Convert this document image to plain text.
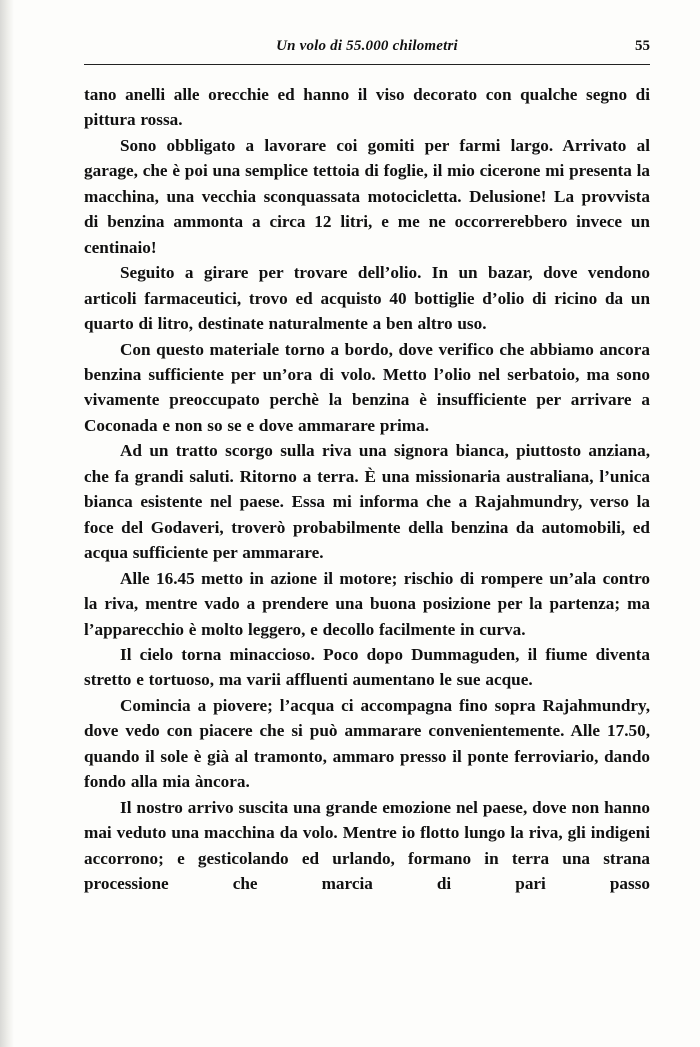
Un volo di 55.000 chilometri	55

tano anelli alle orecchie ed hanno il viso decorato con qualche segno di pittura rossa.

Sono obbligato a lavorare coi gomiti per farmi largo. Arrivato al garage, che è poi una semplice tettoia di foglie, il mio cicerone mi presenta la macchina, una vecchia sconquassata motocicletta. Delusione! La provvista di benzina ammonta a circa 12 litri, e me ne occorrerebbero invece un centinaio!

Seguito a girare per trovare dell’olio. In un bazar, dove vendono articoli farmaceutici, trovo ed acquisto 40 bottiglie d’olio di ricino da un quarto di litro, destinate naturalmente a ben altro uso.

Con questo materiale torno a bordo, dove verifico che abbiamo ancora benzina sufficiente per un’ora di volo. Metto l’olio nel serbatoio, ma sono vivamente preoccupato perchè la benzina è insufficiente per arrivare a Coconada e non so se e dove ammarare prima.

Ad un tratto scorgo sulla riva una signora bianca, piuttosto anziana, che fa grandi saluti. Ritorno a terra. È una missionaria australiana, l’unica bianca esistente nel paese. Essa mi informa che a Rajahmundry, verso la foce del Godaveri, troverò probabilmente della benzina da automobili, ed acqua sufficiente per ammarare.

Alle 16.45 metto in azione il motore; rischio di rompere un’ala contro la riva, mentre vado a prendere una buona posizione per la partenza; ma l’apparecchio è molto leggero, e decollo facilmente in curva.

Il cielo torna minaccioso. Poco dopo Dummaguden, il fiume diventa stretto e tortuoso, ma varii affluenti aumentano le sue acque.

Comincia a piovere; l’acqua ci accompagna fino sopra Rajahmundry, dove vedo con piacere che si può ammarare convenientemente. Alle 17.50, quando il sole è già al tramonto, ammaro presso il ponte ferroviario, dando fondo alla mia àncora.

Il nostro arrivo suscita una grande emozione nel paese, dove non hanno mai veduto una macchina da volo. Mentre io flotto lungo la riva, gli indigeni accorrono; e gesticolando ed urlando, formano in terra una strana processione che marcia di pari passo
